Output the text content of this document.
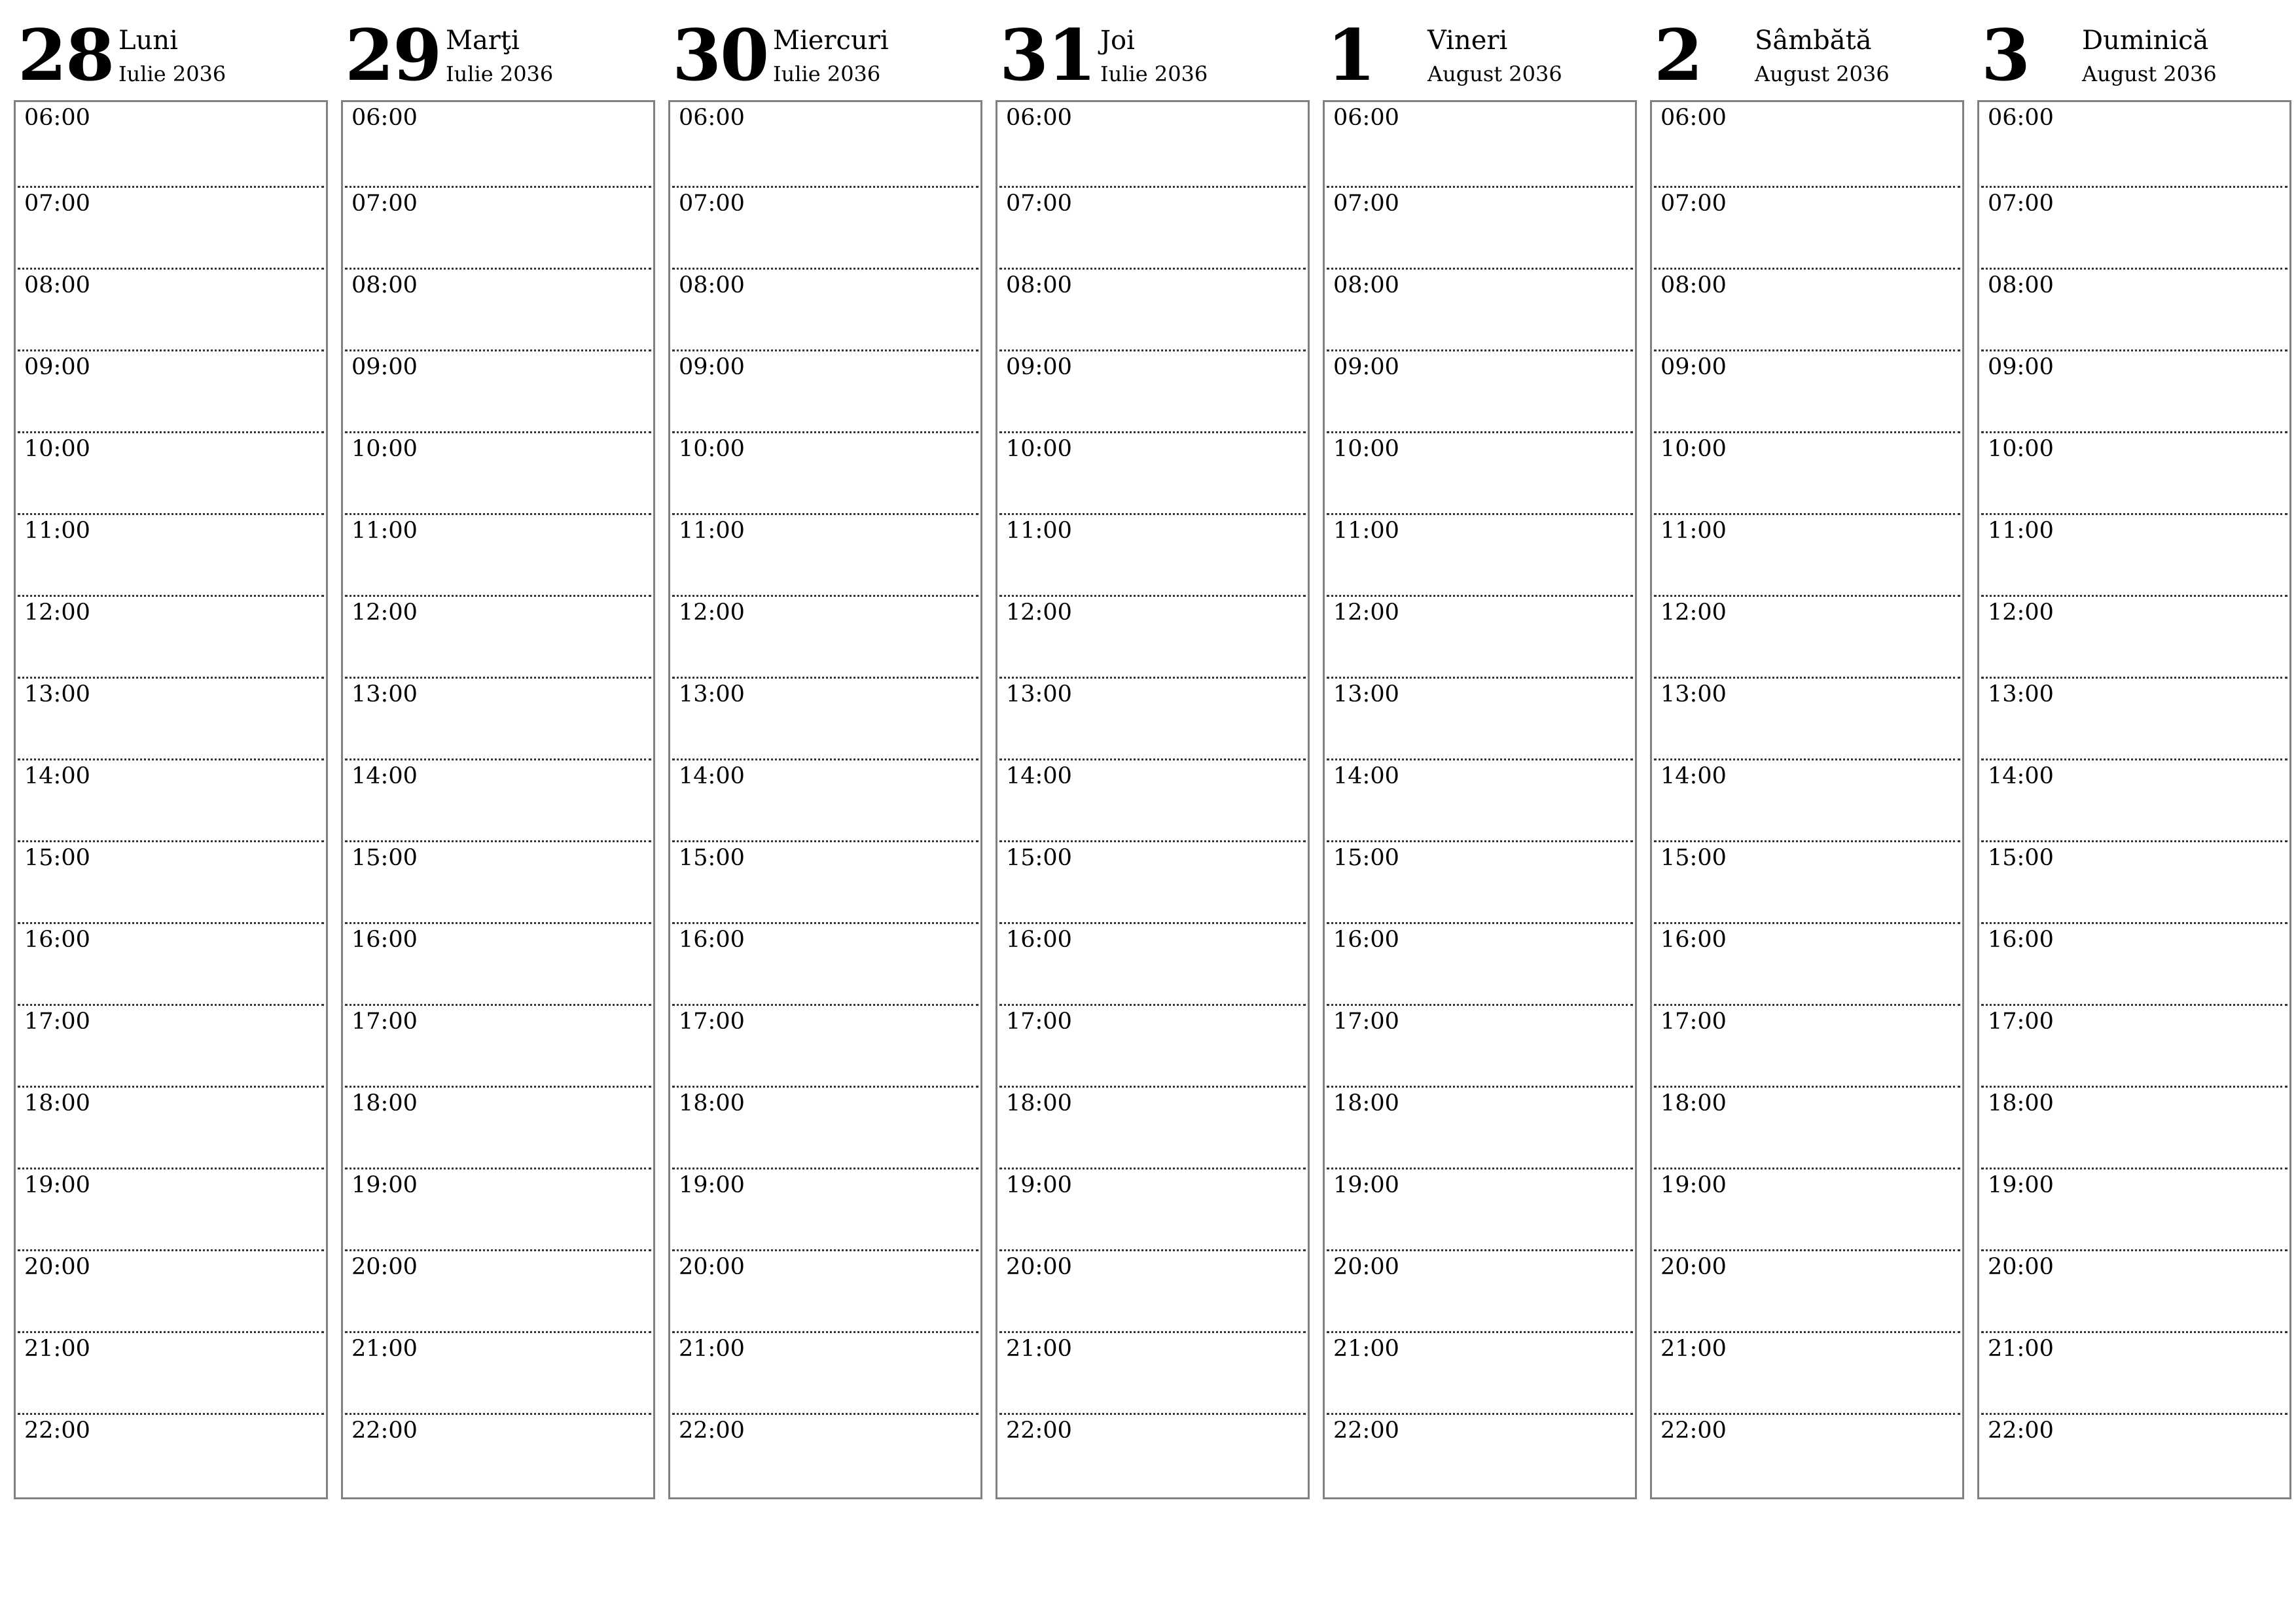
28 Luni
Iulie 2036
06:00
07:00
08:00
09:00
10:00
11:00
12:00
13:00
14:00
15:00
16:00
17:00
18:00
19:00
20:00
21:00
22:00
29 Marţi
Iulie 2036
06:00
07:00
08:00
09:00
10:00
11:00
12:00
13:00
14:00
15:00
16:00
17:00
18:00
19:00
20:00
21:00
22:00
30 Miercuri
Iulie 2036
06:00
07:00
08:00
09:00
10:00
11:00
12:00
13:00
14:00
15:00
16:00
17:00
18:00
19:00
20:00
21:00
22:00
31 Joi
Iulie 2036
06:00
07:00
08:00
09:00
10:00
11:00
12:00
13:00
14:00
15:00
16:00
17:00
18:00
19:00
20:00
21:00
22:00
1 Vineri
August 2036
06:00
07:00
08:00
09:00
10:00
11:00
12:00
13:00
14:00
15:00
16:00
17:00
18:00
19:00
20:00
21:00
22:00
2 Sâmbătă
August 2036
06:00
07:00
08:00
09:00
10:00
11:00
12:00
13:00
14:00
15:00
16:00
17:00
18:00
19:00
20:00
21:00
22:00
3 Duminică
August 2036
06:00
07:00
08:00
09:00
10:00
11:00
12:00
13:00
14:00
15:00
16:00
17:00
18:00
19:00
20:00
21:00
22:00
